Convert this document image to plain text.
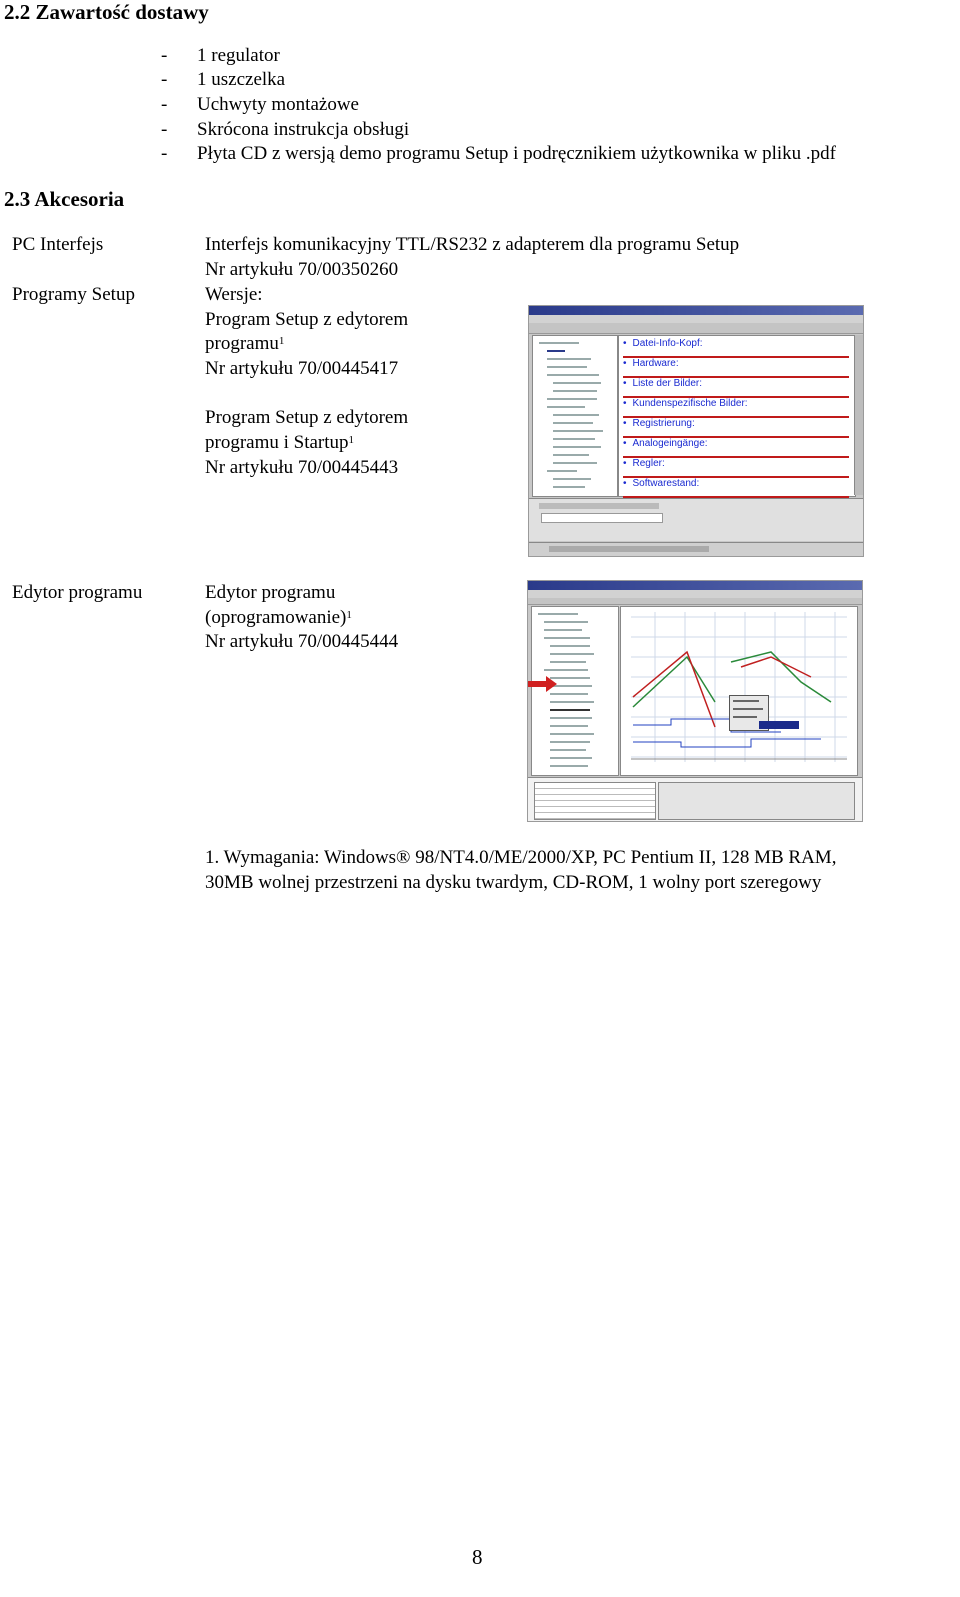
2.2 Zawartość dostawy
- 1 regulator
- 1 uszczelka
- Uchwyty montażowe
- Skrócona instrukcja obsługi
- Płyta CD z wersją demo programu Setup i podręcznikiem użytkownika w pliku .pdf
2.3 Akcesoria
PC Interfejs	Interfejs komunikacyjny TTL/RS232 z adapterem dla programu Setup
Nr artykułu 70/00350260
Programy Setup	Wersje:
Program Setup z edytorem
programu$^1$
Nr artykułu 70/00445417
Program Setup z edytorem
programu i Startup$^1$
Nr artykułu 70/00445443
• Datei-Info-Kopf:
• Hardware:
• Liste der Bilder:
• Kundenspezifische Bilder:
• Registrierung:
• Analogeingänge:
• Regler:
• Softwarestand:
Edytor programu	Edytor programu
(oprogramowanie)$^1$
Nr artykułu 70/00445444
1. Wymagania: Windows® 98/NT4.0/ME/2000/XP, PC Pentium II, 128 MB RAM,
30MB wolnej przestrzeni na dysku twardym, CD-ROM, 1 wolny port szeregowy
8
